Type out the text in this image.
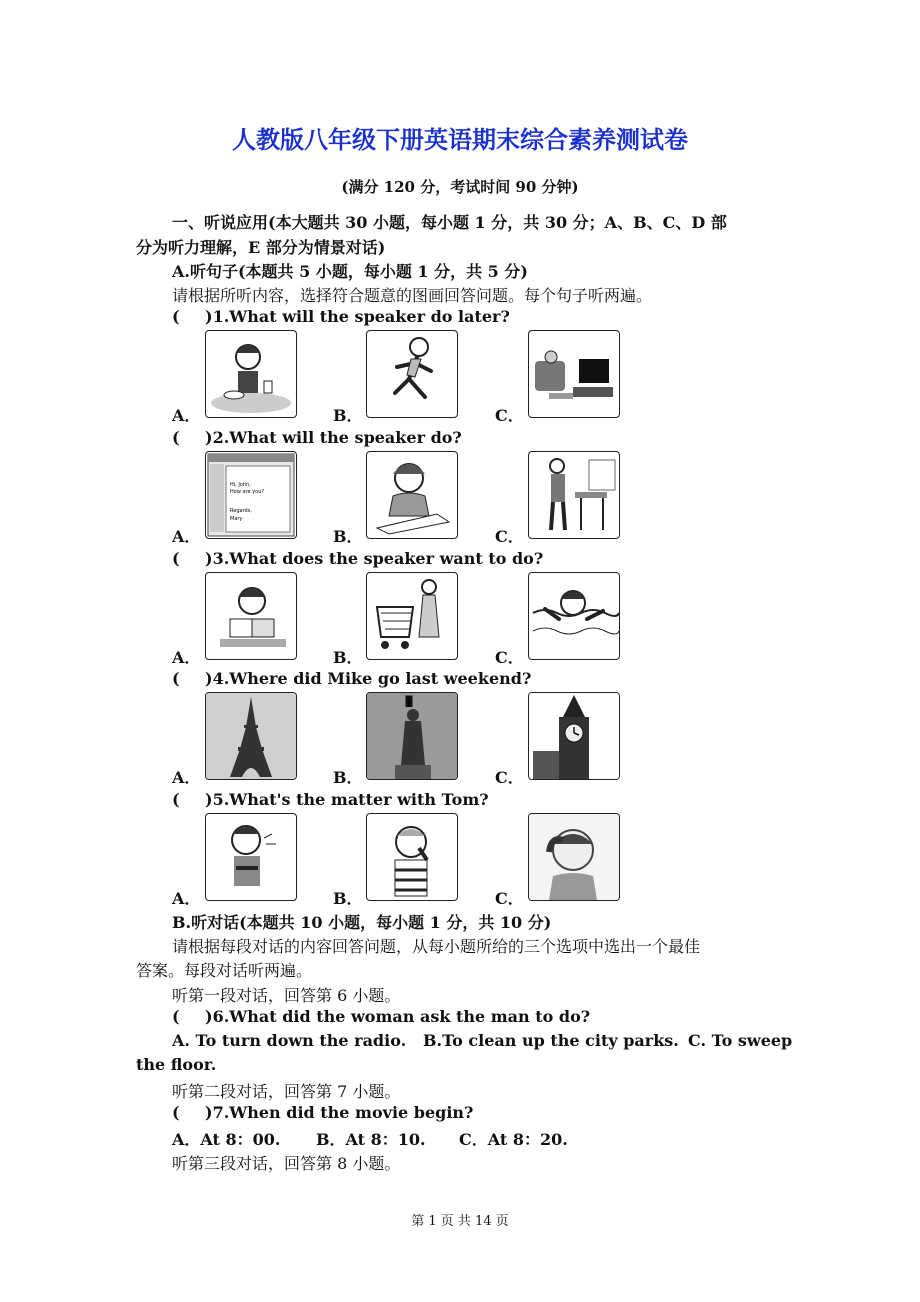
人教版八年级下册英语期末综合素养测试卷
(满分 120 分，考试时间 90 分钟)
一、听说应用(本大题共 30 小题，每小题 1 分，共 30 分；A、B、C、D 部
分为听力理解，E 部分为情景对话)
A.听句子(本题共 5 小题，每小题 1 分，共 5 分)
请根据所听内容，选择符合题意的图画回答问题。每个句子听两遍。
( )1.What will the speaker do later?
A．	B．	C．
( )2.What will the speaker do?
A．	B．	C．
Hi, John,
How are you?
Regards,
Mary
( )3.What does the speaker want to do?
A．	B．	C．
( )4.Where did Mike go last weekend?
A．	B．	C．
( )5.What's the matter with Tom?
A．	B．	C．
B.听对话(本题共 10 小题，每小题 1 分，共 10 分)
请根据每段对话的内容回答问题，从每小题所给的三个选项中选出一个最佳
答案。每段对话听两遍。
听第一段对话，回答第 6 小题。
( )6.What did the woman ask the man to do?
A. To turn down the radio. B.To clean up the city parks. C. To sweep
the floor.
听第二段对话，回答第 7 小题。
( )7.When did the movie begin?
A．At 8：00. B．At 8：10. C．At 8：20.
听第三段对话，回答第 8 小题。
第 1 页 共 14 页
